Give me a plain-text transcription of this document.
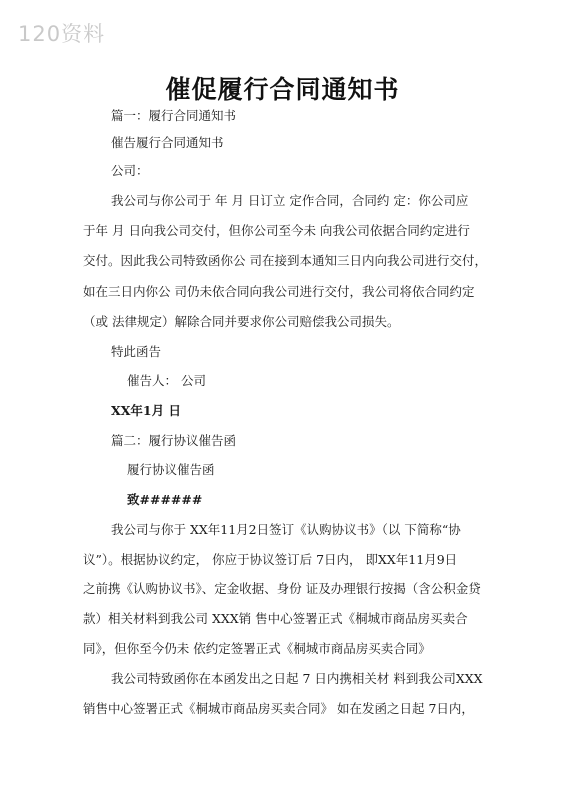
120资料
催促履行合同通知书
篇一：履行合同通知书
催告履行合同通知书
公司：
我公司与你公司于 年 月 日订立 定作合同，合同约 定：你公司应
于年 月 日向我公司交付，但你公司至今未 向我公司依据合同约定进行
交付。因此我公司特致函你公 司在接到本通知三日内向我公司进行交付，
如在三日内你公 司仍未依合同向我公司进行交付，我公司将依合同约定
（或 法律规定）解除合同并要求你公司赔偿我公司损失。
特此函告
催告人： 公司
XX年1月 日
篇二：履行协议催告函
履行协议催告函
致######
我公司与你于 XX年11月2日签订《认购协议书》（以 下简称“协
议”）。根据协议约定， 你应于协议签订后 7日内， 即XX年11月9日
之前携《认购协议书》、定金收据、身份 证及办理银行按揭（含公积金贷
款）相关材料到我公司 XXX销 售中心签署正式《桐城市商品房买卖合
同》，但你至今仍未 依约定签署正式《桐城市商品房买卖合同》
我公司特致函你在本函发出之日起 7 日内携相关材 料到我公司XXX
销售中心签署正式《桐城市商品房买卖合同》 如在发函之日起 7日内，
